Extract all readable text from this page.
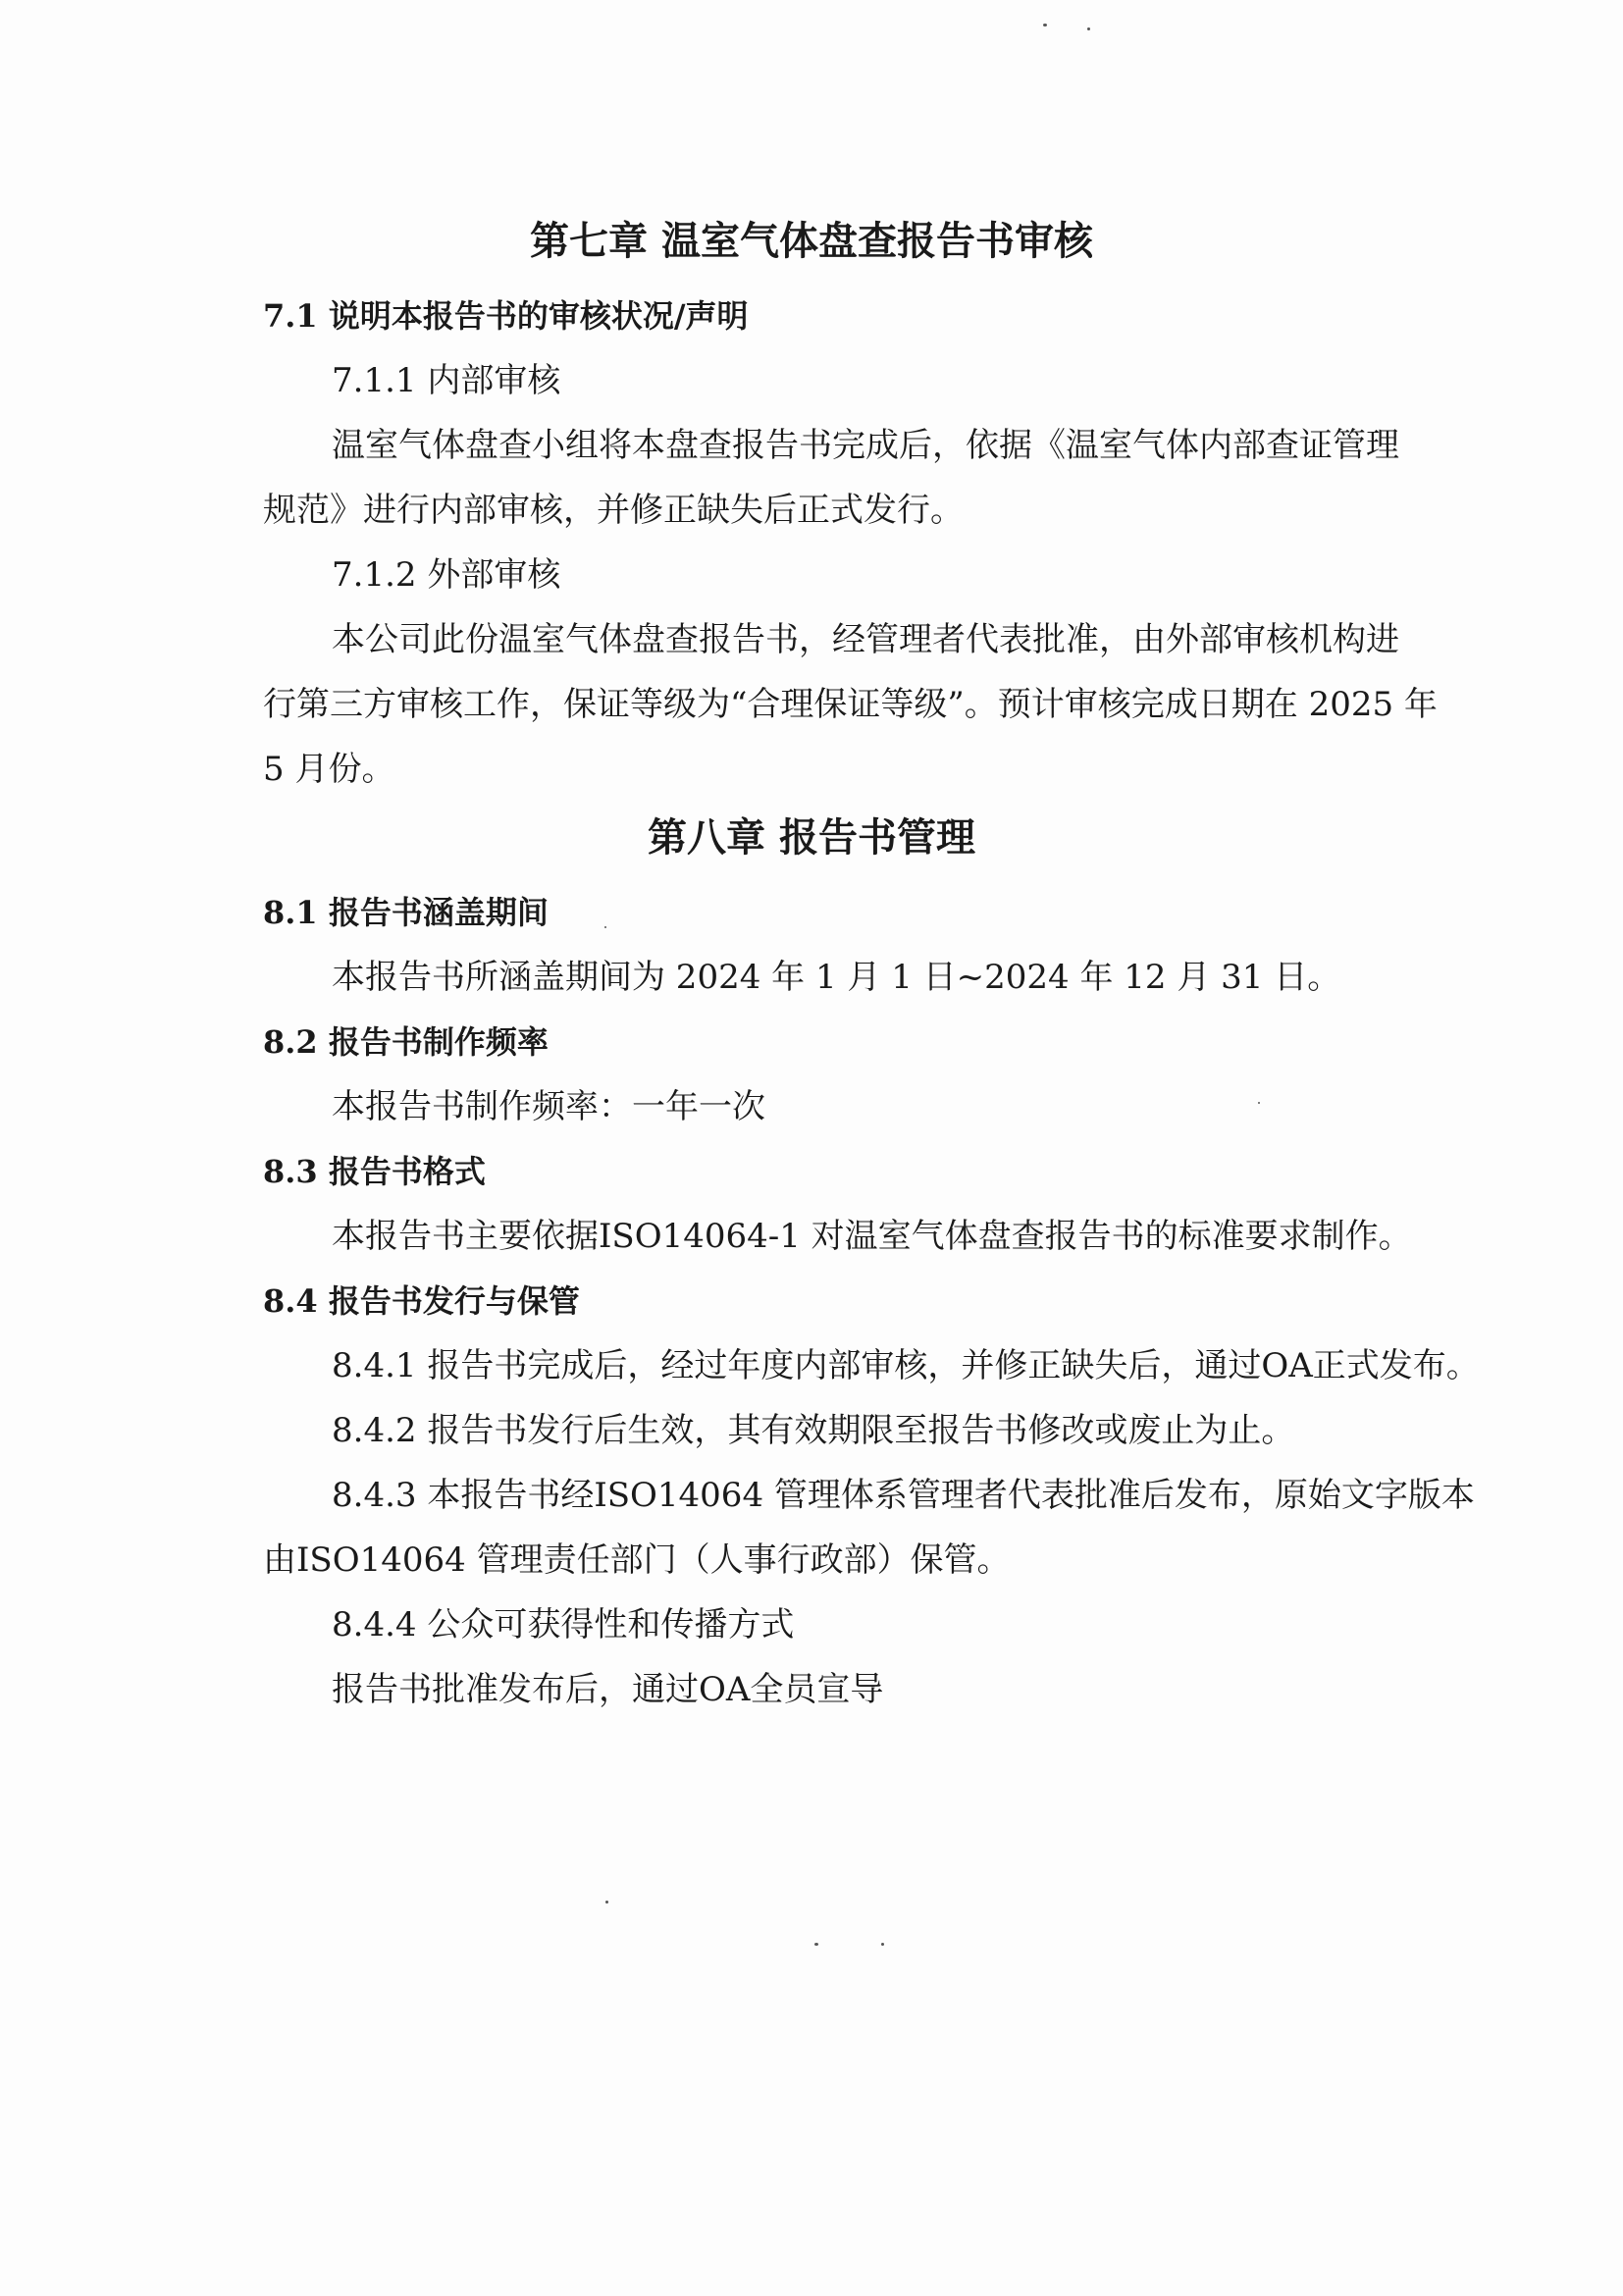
第七章 温室气体盘查报告书审核
7.1 说明本报告书的审核状况/声明
7.1.1 内部审核
温室气体盘查小组将本盘查报告书完成后，依据《温室气体内部查证管理
规范》进行内部审核，并修正缺失后正式发行。
7.1.2 外部审核
本公司此份温室气体盘查报告书，经管理者代表批准，由外部审核机构进
行第三方审核工作，保证等级为“合理保证等级”。预计审核完成日期在 2025 年
5 月份。
第八章 报告书管理
8.1 报告书涵盖期间
本报告书所涵盖期间为 2024 年 1 月 1 日~2024 年 12 月 31 日。
8.2 报告书制作频率
本报告书制作频率：一年一次
8.3 报告书格式
本报告书主要依据ISO14064-1 对温室气体盘查报告书的标准要求制作。
8.4 报告书发行与保管
8.4.1 报告书完成后，经过年度内部审核，并修正缺失后，通过OA正式发布。
8.4.2 报告书发行后生效，其有效期限至报告书修改或废止为止。
8.4.3 本报告书经ISO14064 管理体系管理者代表批准后发布，原始文字版本
由ISO14064 管理责任部门（人事行政部）保管。
8.4.4 公众可获得性和传播方式
报告书批准发布后，通过OA全员宣导
